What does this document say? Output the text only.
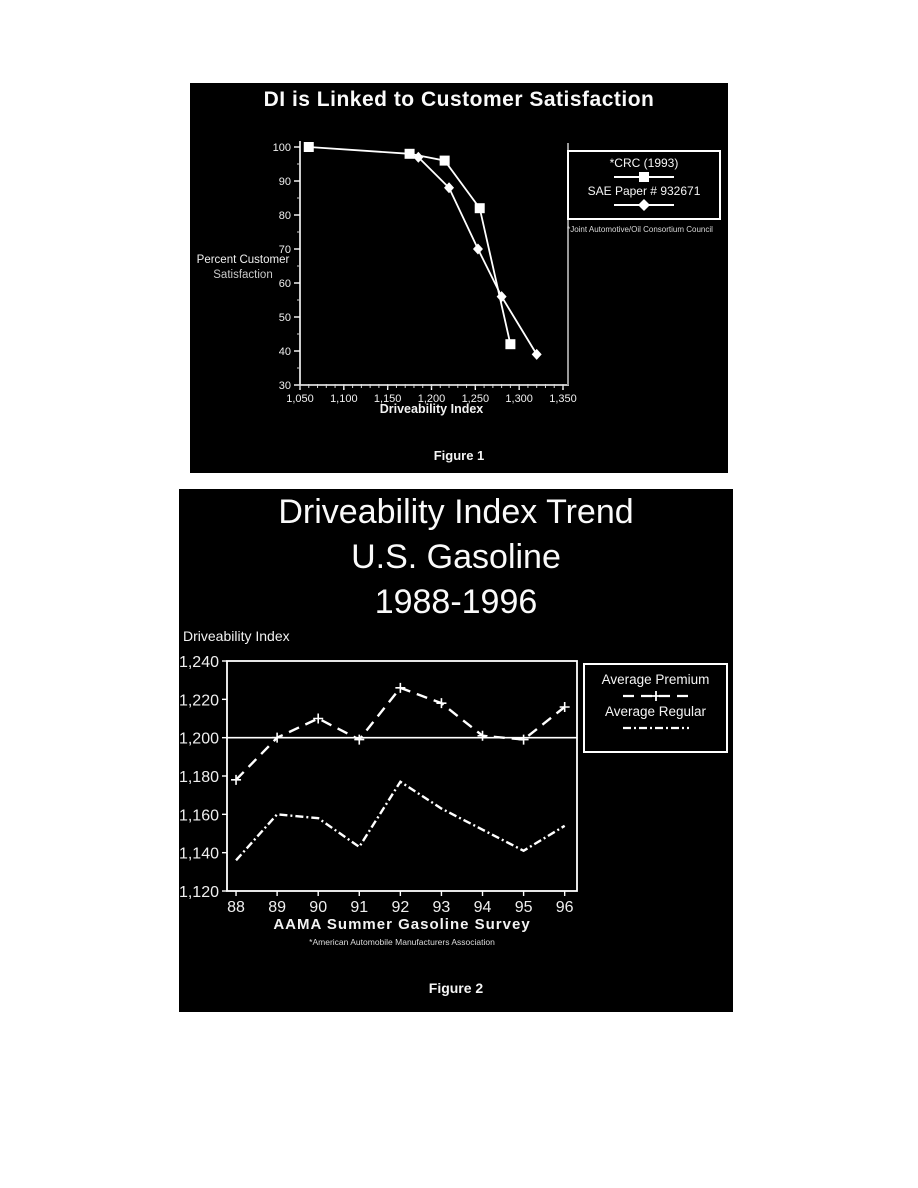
DI is Linked to Customer Satisfaction
30
40
50
60
70
80
90
100
1,050 1,100 1,150 1,200 1,250 1,300 1,350
Percent Customer
Satisfaction
Driveability Index
*CRC (1993)
SAE Paper # 932671
*Joint Automotive/Oil Consortium Council
Figure 1
Driveability Index Trend
U.S. Gasoline
1988-1996
Driveability Index
1,120
1,140
1,160
1,180
1,200
1,220
1,240
88 89 90 91 92 93 94 95 96
AAMA Summer Gasoline Survey
*American Automobile Manufacturers Association
Average Premium
Average Regular
Figure 2
